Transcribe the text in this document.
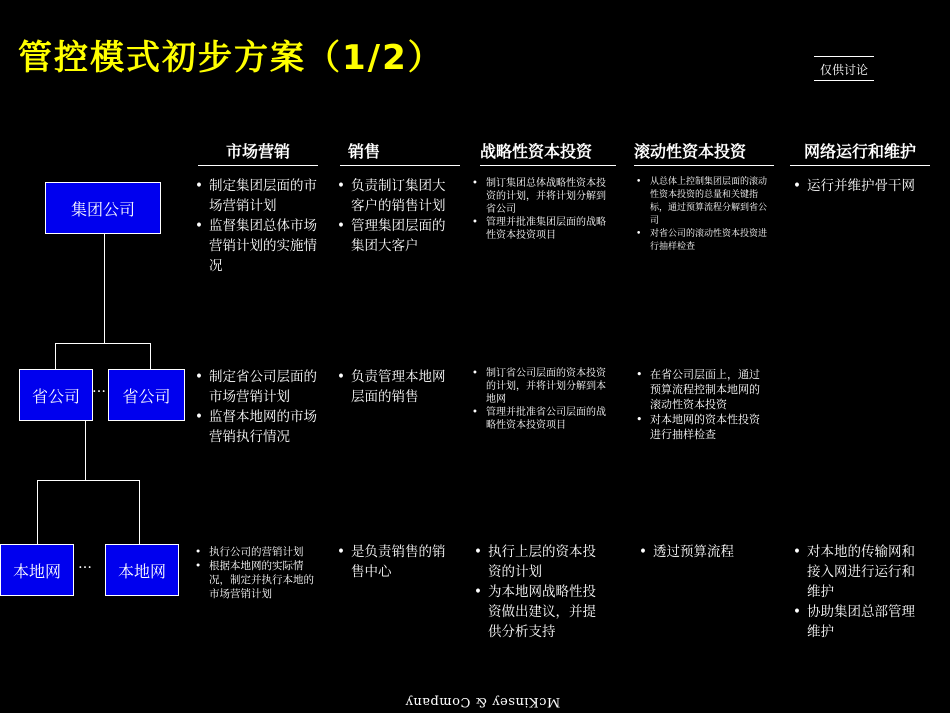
管控模式初步方案（1/2）	仅供讨论
市场营销	销售	战略性资本投资	滚动性资本投资	网络运行和维护
集团公司
省公司 …	省公司
本地网	…	本地网
• 制定集团层面的市场营销计划
• 监督集团总体市场营销计划的实施情况
• 负责制订集团大客户的销售计划
• 管理集团层面的集团大客户
• 制订集团总体战略性资本投资的计划，并将计划分解到省公司
• 管理并批准集团层面的战略性资本投资项目
• 从总体上控制集团层面的滚动性资本投资的总量和关键指标，通过预算流程分解到省公司
• 对省公司的滚动性资本投资进行抽样检查
• 运行并维护骨干网
• 制定省公司层面的市场营销计划
• 监督本地网的市场营销执行情况
• 负责管理本地网层面的销售
• 制订省公司层面的资本投资的计划，并将计划分解到本地网
• 管理并批准省公司层面的战略性资本投资项目
• 在省公司层面上，通过预算流程控制本地网的滚动性资本投资
• 对本地网的资本性投资进行抽样检查
• 执行公司的营销计划
• 根据本地网的实际情况，制定并执行本地的市场营销计划
• 是负责销售的销售中心
• 执行上层的资本投资的计划
• 为本地网战略性投资做出建议，并提供分析支持
• 透过预算流程
•	对本地的传输网和接入网进行运行和维护
• 协助集团总部管理维护
McKinsey & Company
